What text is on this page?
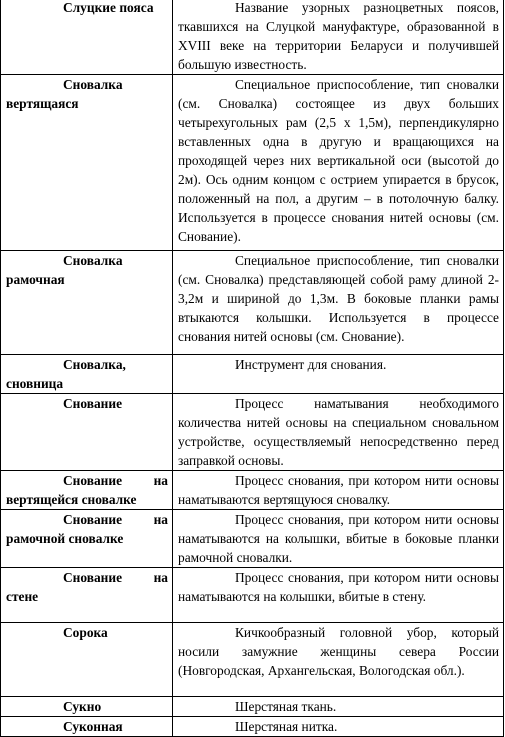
Слуцкие пояса	Название узорных разноцветных поясов, ткавшихся на Слуцкой мануфактуре, образованной в XVIII веке на территории Беларуси и получившей большую известность.
Сновалка вертящаяся	Специальное приспособление, тип сновалки (см. Сновалка) состоящее из двух больших четырехугольных рам (2,5 х 1,5м), перпендикулярно вставленных одна в другую и вращающихся на проходящей через них вертикальной оси (высотой до 2м). Ось одним концом с острием упирается в брусок, положенный на пол, а другим – в потолочную балку. Используется в процессе снования нитей основы (см. Снование).
Сновалка рамочная	Специальное приспособление, тип сновалки (см. Сновалка) представляющей собой раму длиной 2-3,2м и шириной до 1,3м. В боковые планки рамы втыкаются колышки. Используется в процессе снования нитей основы (см. Снование).
Сновалка, сновница	Инструмент для снования.
Снование	Процесс наматывания необходимого количества нитей основы на специальном сновальном устройстве, осуществляемый непосредственно перед заправкой основы.
Снование на вертящейся сновалке	Процесс снования, при котором нити основы наматываются вертящуюся сновалку.
Снование на рамочной сновалке	Процесс снования, при котором нити основы наматываются на колышки, вбитые в боковые планки рамочной сновалки.
Снование на стене	Процесс снования, при котором нити основы наматываются на колышки, вбитые в стену.
Сорока	Кичкообразный головной убор, который носили замужние женщины севера России (Новгородская, Архангельская, Вологодская обл.).
Сукно	Шерстяная ткань.
Суконная	Шерстяная нитка.
